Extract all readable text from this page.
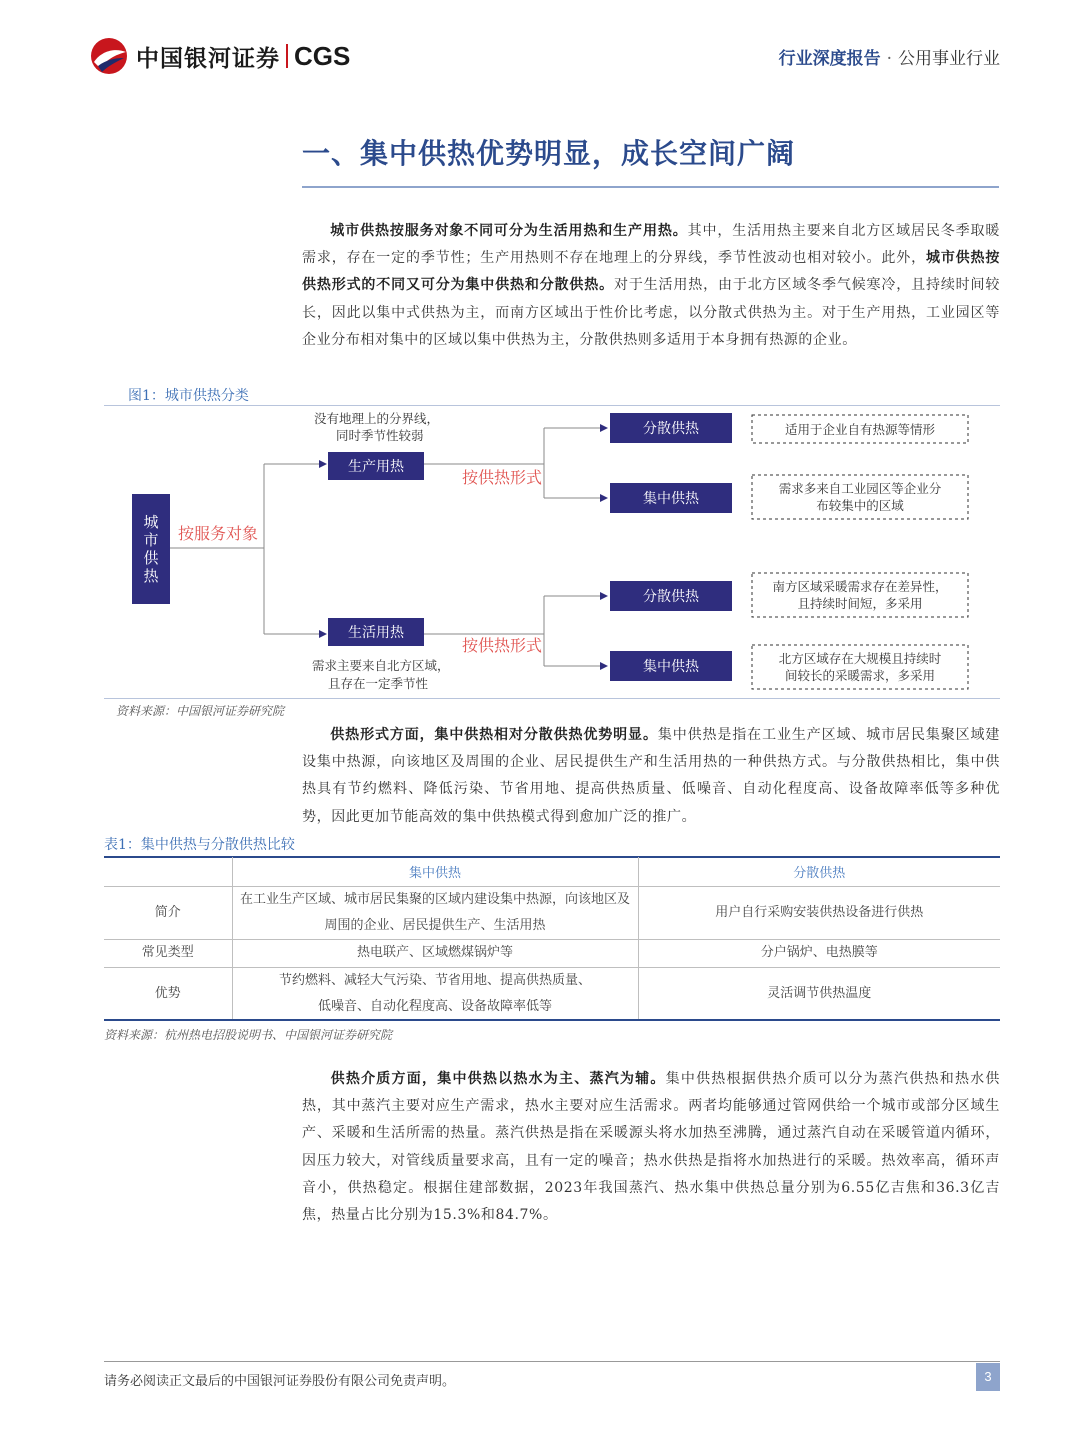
中国银河证券 CGS	行业深度报告 · 公用事业行业
一、集中供热优势明显，成长空间广阔
城市供热按服务对象不同可分为生活用热和生产用热。其中，生活用热主要来自北方区域居民冬季取暖需求，存在一定的季节性；生产用热则不存在地理上的分界线，季节性波动也相对较小。此外，城市供热按供热形式的不同又可分为集中供热和分散供热。对于生活用热，由于北方区域冬季气候寒冷，且持续时间较长，因此以集中式供热为主，而南方区域出于性价比考虑，以分散式供热为主。对于生产用热，工业园区等企业分布相对集中的区域以集中供热为主，分散供热则多适用于本身拥有热源的企业。
图1：城市供热分类
城
市
供
热
按服务对象
按供热形式
按供热形式
生产用热
生活用热
没有地理上的分界线，
同时季节性较弱
需求主要来自北方区域，
且存在一定季节性
分散供热
集中供热
分散供热
集中供热
适用于企业自有热源等情形
需求多来自工业园区等企业分
布较集中的区域
南方区域采暖需求存在差异性，
且持续时间短，多采用
北方区域存在大规模且持续时
间较长的采暖需求，多采用
资料来源：中国银河证券研究院
供热形式方面，集中供热相对分散供热优势明显。集中供热是指在工业生产区域、城市居民集聚区域建设集中热源，向该地区及周围的企业、居民提供生产和生活用热的一种供热方式。与分散供热相比，集中供热具有节约燃料、降低污染、节省用地、提高供热质量、低噪音、自动化程度高、设备故障率低等多种优势，因此更加节能高效的集中供热模式得到愈加广泛的推广。
表1：集中供热与分散供热比较
	集中供热	分散供热
简介	在工业生产区域、城市居民集聚的区域内建设集中热源，向该地区及
周围的企业、居民提供生产、生活用热	用户自行采购安装供热设备进行供热
常见类型	热电联产、区域燃煤锅炉等	分户锅炉、电热膜等
优势	节约燃料、减轻大气污染、节省用地、提高供热质量、
低噪音、自动化程度高、设备故障率低等	灵活调节供热温度
资料来源：杭州热电招股说明书、中国银河证券研究院
供热介质方面，集中供热以热水为主、蒸汽为辅。集中供热根据供热介质可以分为蒸汽供热和热水供热，其中蒸汽主要对应生产需求，热水主要对应生活需求。两者均能够通过管网供给一个城市或部分区域生产、采暖和生活所需的热量。蒸汽供热是指在采暖源头将水加热至沸腾，通过蒸汽自动在采暖管道内循环，因压力较大，对管线质量要求高，且有一定的噪音；热水供热是指将水加热进行的采暖。热效率高，循环声音小，供热稳定。根据住建部数据，2023年我国蒸汽、热水集中供热总量分别为6.55亿吉焦和36.3亿吉焦，热量占比分别为15.3%和84.7%。
请务必阅读正文最后的中国银河证券股份有限公司免责声明。	3
